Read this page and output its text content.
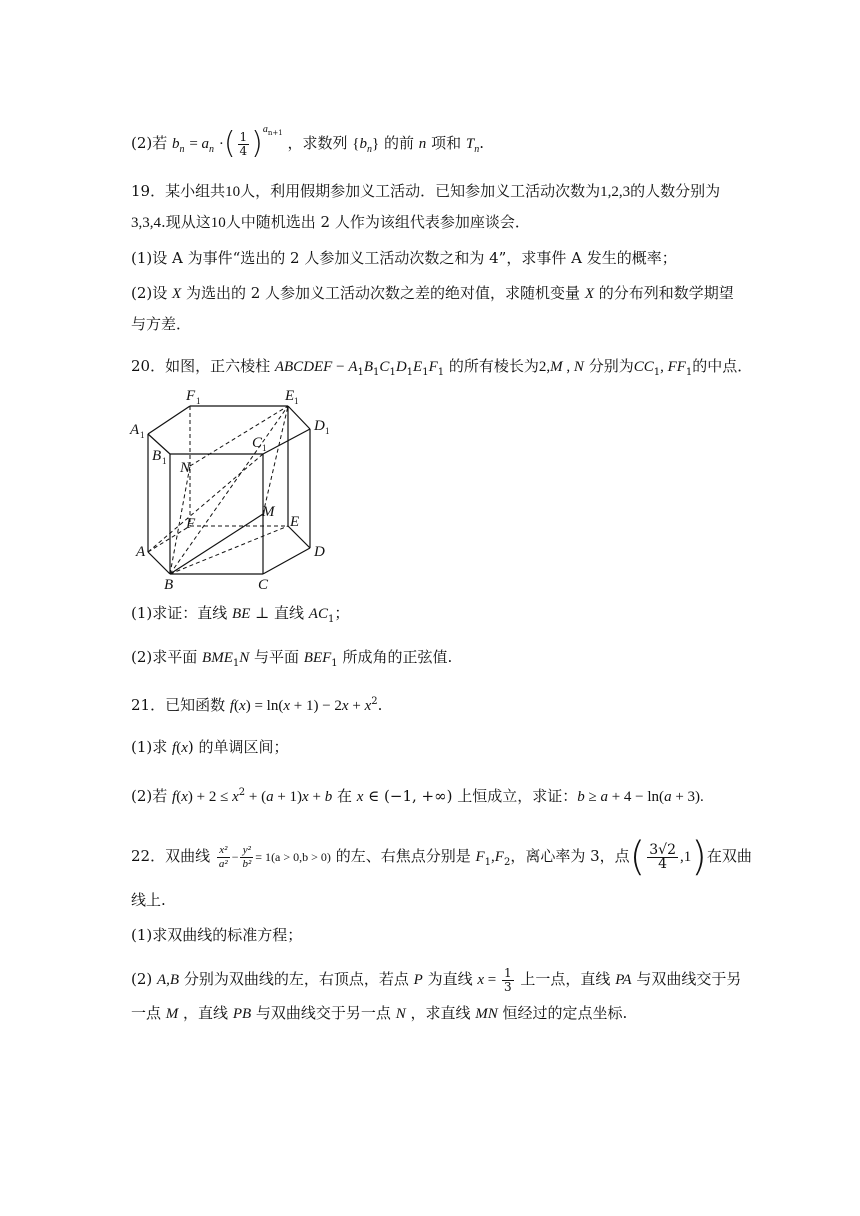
(2)若 $b_n = a_n$ ·( $\frac{1}{4} )^{a_{n+1}}$ ，求数列 $\{b_n\}$ 的前 n 项和 $T_n$.
19．某小组共10人，利用假期参加义工活动．已知参加义工活动次数为1,2,3的人数分别为
3,3,4.现从这10人中随机选出 2 人作为该组代表参加座谈会．
(1)设 A 为事件“选出的 2 人参加义工活动次数之和为 4”，求事件 A 发生的概率；
(2)设 X 为选出的 2 人参加义工活动次数之差的绝对值，求随机变量 X 的分布列和数学期望
与方差．
20．如图，正六棱柱 ABCDEF − $A_1B_1C_1D_1E_1F_1$ 的所有棱长为2,M , N 分别为$CC_1$, $FF_1$的中点．
F 1	E 1
A 1
D 1
B 1
C 1
N
F
M
E
A	D
B	C
(1)求证：直线 BE ⊥ 直线 $AC_1$；
(2)求平面 $BME_1N$ 与平面 $BEF_1$ 所成角的正弦值.
21．已知函数 $f(x) = \ln(x + 1) - 2x + x^2$.
(1)求 f(x) 的单调区间；
(2)若 $f(x) + 2 \le x^2 + (a + 1)x + b$ 在 x ∈ (−1, +∞) 上恒成立，求证：b ≥ a + 4 − ln(a + 3).
22．双曲线 $\frac{\text{x²}}{\text{a²}} - \frac{\text{y²}}{\text{b²}} = 1(a > 0,b > 0)$ 的左、右焦点分别是 $F_1,F_2$，离心率为 3，点( $\frac{3√2}{4} ,1$)在双曲
线上.
(1)求双曲线的标准方程；
(2) A,B 分别为双曲线的左，右顶点，若点 P 为直线 $x = \frac{1}{3}$ 上一点，直线 PA 与双曲线交于另
一点 M ，直线 PB 与双曲线交于另一点 N ，求直线 MN 恒经过的定点坐标.
